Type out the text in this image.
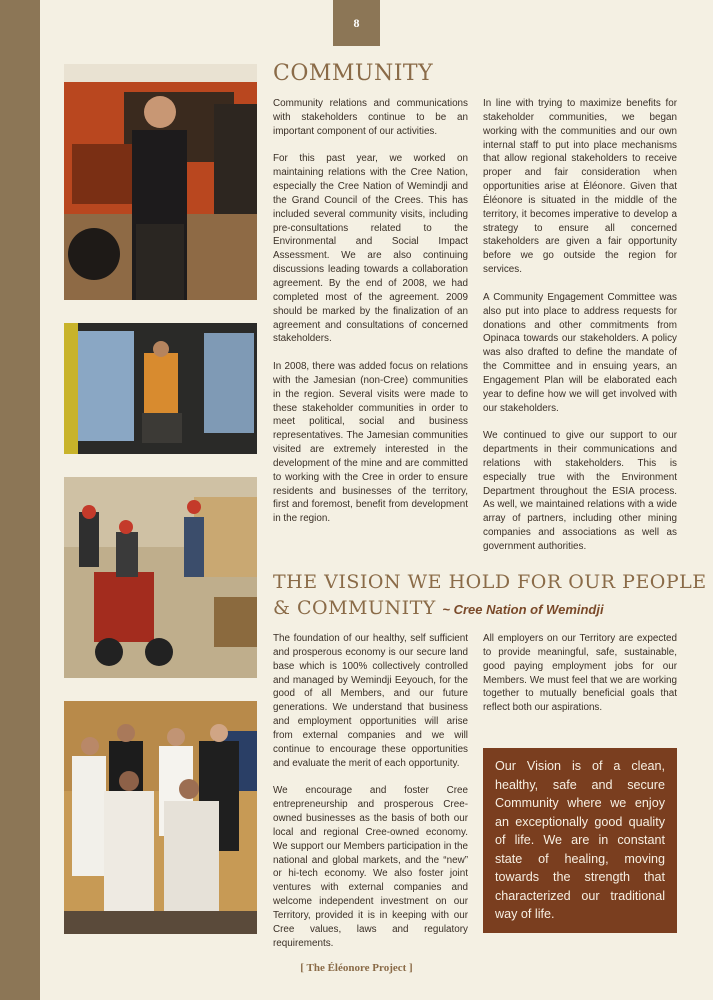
8
COMMUNITY

Community relations and communications with stakeholders continue to be an important component of our activities.

For this past year, we worked on maintaining relations with the Cree Nation, especially the Cree Nation of Wemindji and the Grand Council of the Crees. This has included several community visits, including pre-consultations related to the Environmental and Social Impact Assessment. We are also continuing discussions leading towards a collaboration agreement. By the end of 2008, we had completed most of the agreement. 2009 should be marked by the finalization of an agreement and consultations of concerned stakeholders.

In 2008, there was added focus on relations with the Jamesian (non-Cree) communities in the region. Several visits were made to these stakeholder communities in order to meet political, social and business representatives. The Jamesian communities visited are extremely interested in the development of the mine and are committed to working with the Cree in order to ensure residents and businesses of the territory, first and foremost, benefit from development in the region.

In line with trying to maximize benefits for stakeholder communities, we began working with the communities and our own internal staff to put into place mechanisms that allow regional stakeholders to receive proper and fair consideration when opportunities arise at Éléonore. Given that Éléonore is situated in the middle of the territory, it becomes imperative to develop a strategy to ensure all concerned stakeholders are given a fair opportunity before we go outside the region for services.

A Community Engagement Committee was also put into place to address requests for donations and other commitments from Opinaca towards our stakeholders. A policy was also drafted to define the mandate of the Committee and in ensuing years, an Engagement Plan will be elaborated each year to define how we will get involved with our stakeholders.

We continued to give our support to our departments in their communications and relations with stakeholders. This is especially true with the Environment Department throughout the ESIA process. As well, we maintained relations with a wide array of partners, including other mining companies and associations as well as government authorities.

THE VISION WE HOLD FOR OUR PEOPLE
& COMMUNITY ~ Cree Nation of Wemindji

The foundation of our healthy, self sufficient and prosperous economy is our secure land base which is 100% collectively controlled and managed by Wemindji Eeyouch, for the good of all Members, and our future generations. We understand that business and employment opportunities will arise from external companies and we will continue to encourage these opportunities and evaluate the merit of each opportunity.

We encourage and foster Cree entrepreneurship and prosperous Cree-owned businesses as the basis of both our local and regional Cree-owned economy. We support our Members participation in the national and global markets, and the “new” or hi-tech economy. We also foster joint ventures with external companies and welcome independent investment on our Territory, provided it is in keeping with our Cree values, laws and regulatory requirements.

All employers on our Territory are expected to provide meaningful, safe, sustainable, good paying employment jobs for our Members. We must feel that we are working together to mutually beneficial goals that reflect both our aspirations.

Our Vision is of a clean, healthy, safe and secure Community where we enjoy an exceptionally good quality of life. We are in constant state of healing, moving towards the strength that characterized our traditional way of life.
[ The Éléonore Project ]
